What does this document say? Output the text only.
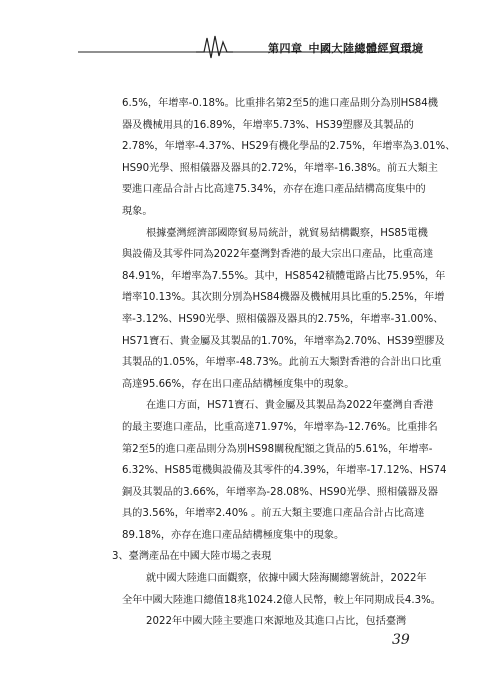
第四章 中國大陸總體經貿環境

6.5%，年增率-0.18%。比重排名第2至5的進口產品則分為別HS84機
器及機械用具的16.89%，年增率5.73%、HS39塑膠及其製品的
2.78%，年增率-4.37%、HS29有機化學品的2.75%，年增率為3.01%、
HS90光學、照相儀器及器具的2.72%，年增率-16.38%。前五大類主
要進口產品合計占比高達75.34%，亦存在進口產品結構高度集中的
現象。
根據臺灣經濟部國際貿易局統計，就貿易結構觀察，HS85電機
與設備及其零件同為2022年臺灣對香港的最大宗出口產品，比重高達
84.91%，年增率為7.55%。其中，HS8542積體電路占比75.95%，年
增率10.13%。其次則分別為HS84機器及機械用具比重的5.25%，年增
率-3.12%、HS90光學、照相儀器及器具的2.75%，年增率-31.00%、
HS71寶石、貴金屬及其製品的1.70%，年增率為2.70%、HS39塑膠及
其製品的1.05%，年增率-48.73%。此前五大類對香港的合計出口比重
高達95.66%，存在出口產品結構極度集中的現象。
在進口方面，HS71寶石、貴金屬及其製品為2022年臺灣自香港
的最主要進口產品，比重高達71.97%，年增率為-12.76%。比重排名
第2至5的進口產品則分為別HS98關稅配額之貨品的5.61%，年增率-
6.32%、HS85電機與設備及其零件的4.39%，年增率-17.12%、HS74
銅及其製品的3.66%，年增率為-28.08%、HS90光學、照相儀器及器
具的3.56%，年增率2.40% 。前五大類主要進口產品合計占比高達
89.18%，亦存在進口產品結構極度集中的現象。
3、臺灣產品在中國大陸市場之表現
就中國大陸進口面觀察，依據中國大陸海關總署統計，2022年
全年中國大陸進口總值18兆1024.2億人民幣，較上年同期成長4.3%。
2022年中國大陸主要進口來源地及其進口占比，包括臺灣

39
